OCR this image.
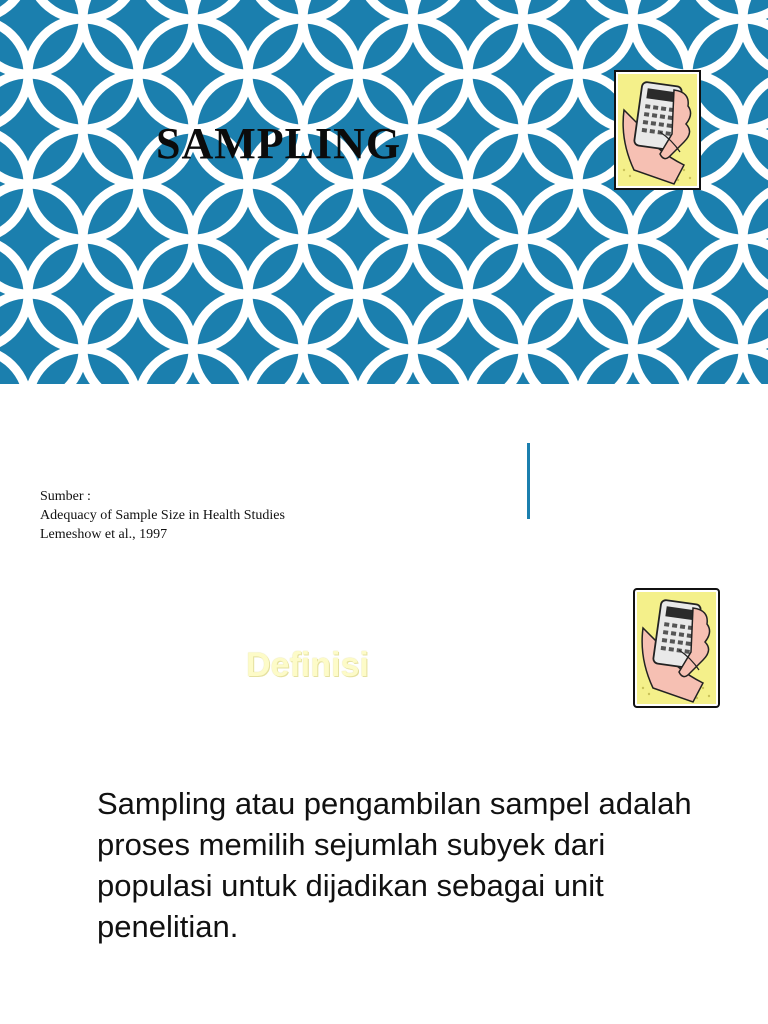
SAMPLING
Sumber :
Adequacy of Sample Size in Health Studies
Lemeshow et al., 1997
Definisi

Sampling atau pengambilan sampel adalah proses memilih sejumlah subyek dari populasi untuk dijadikan sebagai unit penelitian.
